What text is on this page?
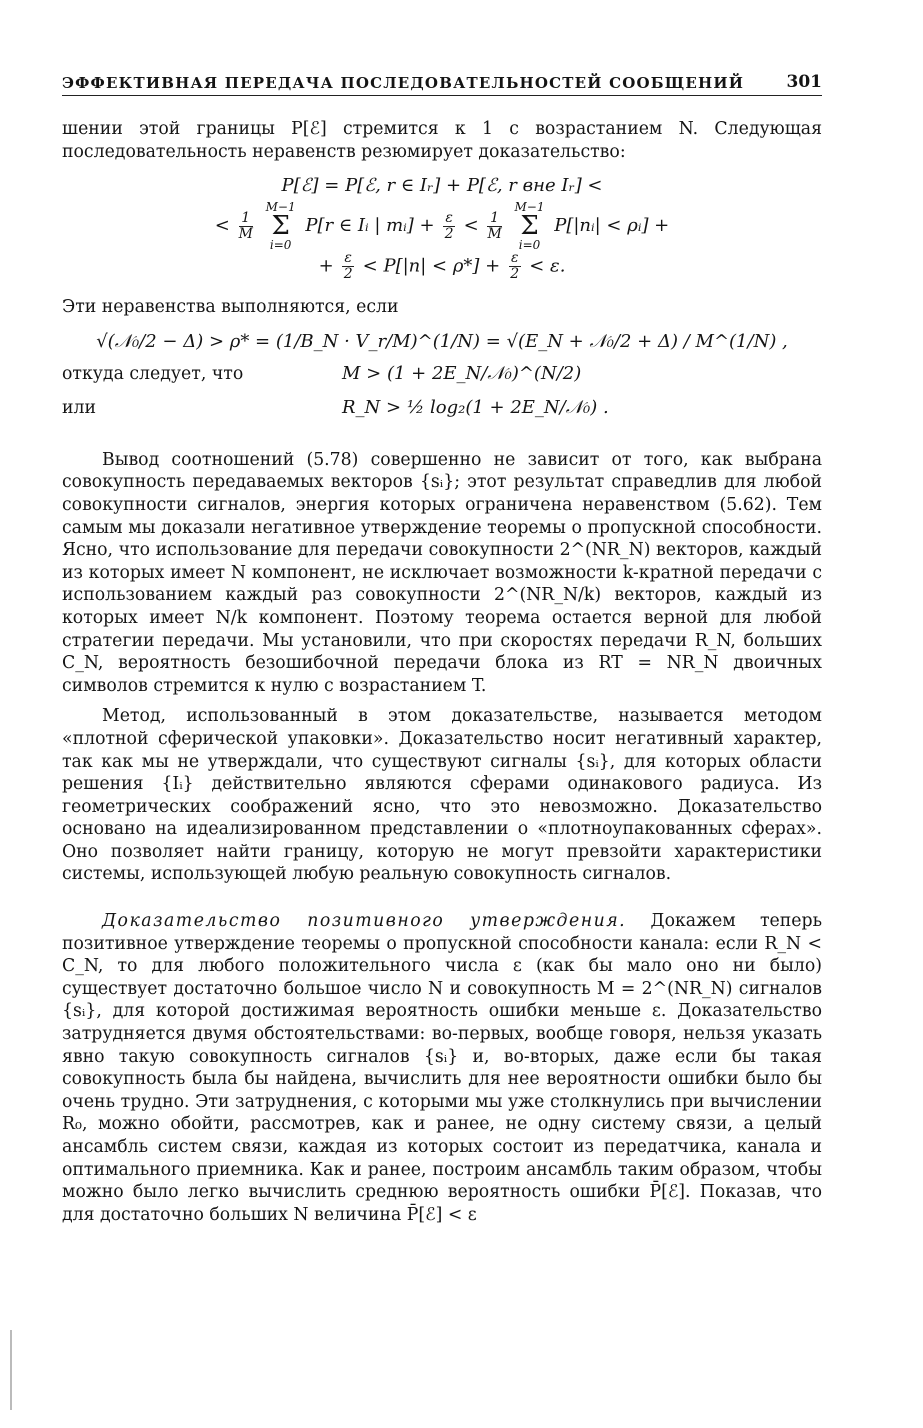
ЭФФЕКТИВНАЯ ПЕРЕДАЧА ПОСЛЕДОВАТЕЛЬНОСТЕЙ СООБЩЕНИЙ 301

шении этой границы P[ℰ] стремится к 1 с возрастанием N. Следующая последовательность неравенств резюмирует доказательство:

P[ℰ] = P[ℰ, r ∈ Iᵣ] + P[ℰ, r вне Iᵣ] <
< $\frac{1}{M}$

M−1
Σ
i=0
P[r ∈ Iᵢ | mᵢ] + $\frac{\varepsilon}{2} < \frac{1}{M}$

M−1
Σ
i=0
P[|nᵢ| < ρᵢ] +
+ $\frac{\varepsilon}{2} < P[|n| < \rho*] + \frac{\varepsilon}{2} < \varepsilon$.

Эти неравенства выполняются, если

√(𝒩₀/2 − Δ) > ρ* = (1/B_N · V_r/M)^(1/N) = √(E_N + 𝒩₀/2 + Δ) / M^(1/N) ,
откуда следует, что	M > (1 + 2E_N/𝒩₀)^(N/2)
или	R_N > ½ log₂(1 + 2E_N/𝒩₀) .

Вывод соотношений (5.78) совершенно не зависит от того, как выбрана совокупность передаваемых векторов {sᵢ}; этот результат справедлив для любой совокупности сигналов, энергия которых ограничена неравенством (5.62). Тем самым мы доказали негативное утверждение теоремы о пропускной способности. Ясно, что использование для передачи совокупности 2^(NR_N) векторов, каждый из которых имеет N компонент, не исключает возможности k-кратной передачи с использованием каждый раз совокупности 2^(NR_N/k) векторов, каждый из которых имеет N/k компонент. Поэтому теорема остается верной для любой стратегии передачи. Мы установили, что при скоростях передачи R_N, больших C_N, вероятность безошибочной передачи блока из RT = NR_N двоичных символов стремится к нулю с возрастанием T.

Метод, использованный в этом доказательстве, называется методом «плотной сферической упаковки». Доказательство носит негативный характер, так как мы не утверждали, что существуют сигналы {sᵢ}, для которых области решения {Iᵢ} действительно являются сферами одинакового радиуса. Из геометрических соображений ясно, что это невозможно. Доказательство основано на идеализированном представлении о «плотноупакованных сферах». Оно позволяет найти границу, которую не могут превзойти характеристики системы, использующей любую реальную совокупность сигналов.

Доказательство позитивного утверждения. Докажем теперь позитивное утверждение теоремы о пропускной способности канала: если R_N < C_N, то для любого положительного числа ε (как бы мало оно ни было) существует достаточно большое число N и совокупность M = 2^(NR_N) сигналов {sᵢ}, для которой достижимая вероятность ошибки меньше ε. Доказательство затрудняется двумя обстоятельствами: во-первых, вообще говоря, нельзя указать явно такую совокупность сигналов {sᵢ} и, во-вторых, даже если бы такая совокупность была бы найдена, вычислить для нее вероятности ошибки было бы очень трудно. Эти затруднения, с которыми мы уже столкнулись при вычислении R₀, можно обойти, рассмотрев, как и ранее, не одну систему связи, а целый ансамбль систем связи, каждая из которых состоит из передатчика, канала и оптимального приемника. Как и ранее, построим ансамбль таким образом, чтобы можно было легко вычислить среднюю вероятность ошибки P̄[ℰ]. Показав, что для достаточно больших N величина P̄[ℰ] < ε
